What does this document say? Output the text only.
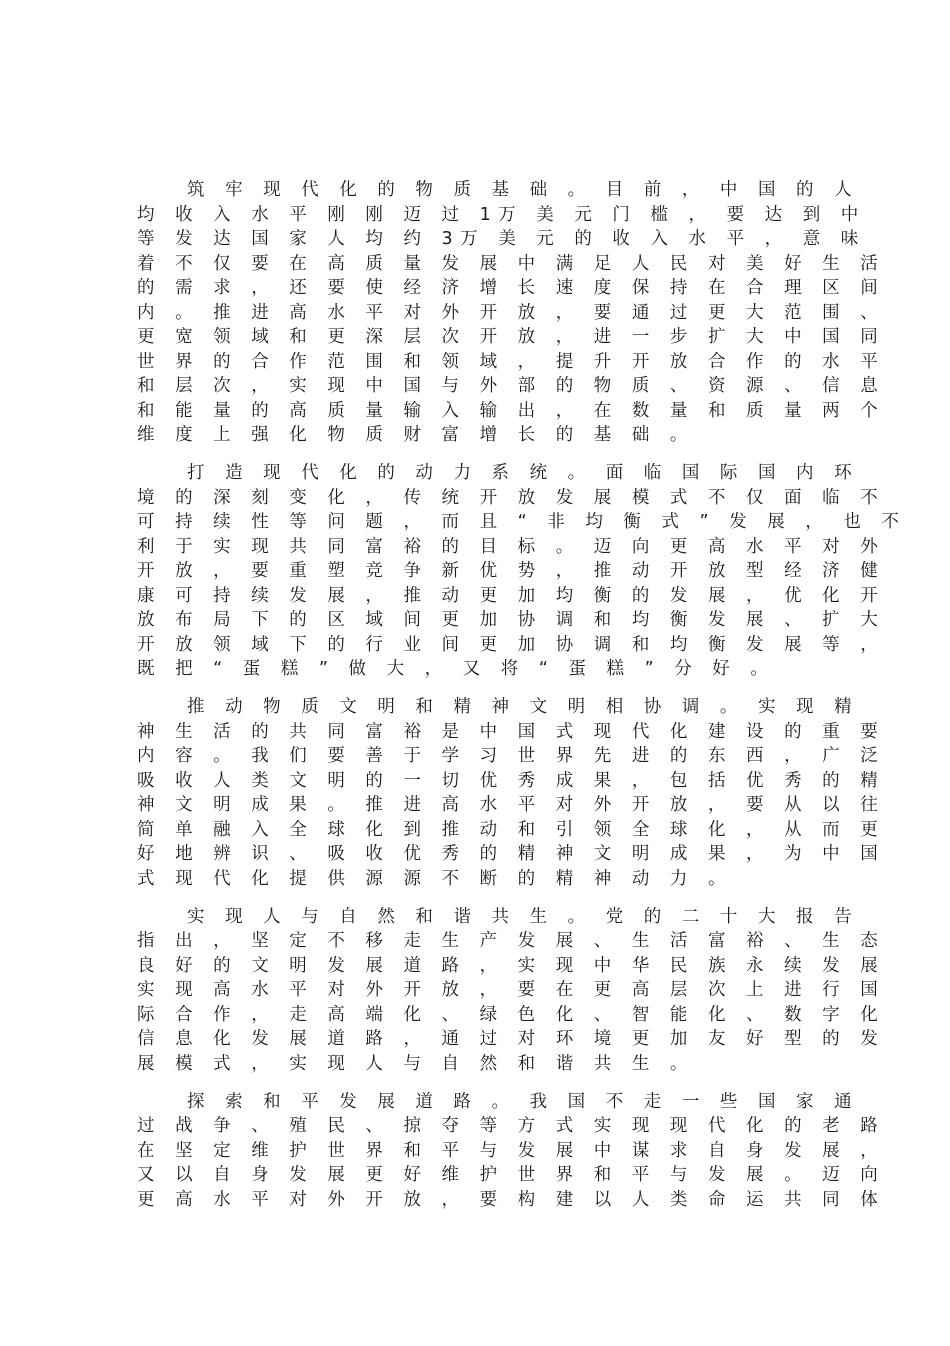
筑 牢 现 代 化 的 物 质 基 础 。 目 前 ， 中 国 的 人
均 收 入 水 平 刚 刚 迈 过 1万 美 元 门 槛 ， 要 达 到 中
等 发 达 国 家 人 均 约 3万 美 元 的 收 入 水 平 ， 意 味
着 不 仅 要 在 高 质 量 发 展 中 满 足 人 民 对 美 好 生 活
的 需 求 ， 还 要 使 经 济 增 长 速 度 保 持 在 合 理 区 间
内 。 推 进 高 水 平 对 外 开 放 ， 要 通 过 更 大 范 围 、
更 宽 领 域 和 更 深 层 次 开 放 ， 进 一 步 扩 大 中 国 同
世 界 的 合 作 范 围 和 领 域 ， 提 升 开 放 合 作 的 水 平
和 层 次 ， 实 现 中 国 与 外 部 的 物 质 、 资 源 、 信 息
和 能 量 的 高 质 量 输 入 输 出 ， 在 数 量 和 质 量 两 个
维 度 上 强 化 物 质 财 富 增 长 的 基 础 。
打 造 现 代 化 的 动 力 系 统 。 面 临 国 际 国 内 环
境 的 深 刻 变 化 ， 传 统 开 放 发 展 模 式 不 仅 面 临 不
可 持 续 性 等 问 题 ， 而 且 “ 非 均 衡 式 ” 发 展 ， 也 不
利 于 实 现 共 同 富 裕 的 目 标 。 迈 向 更 高 水 平 对 外
开 放 ， 要 重 塑 竞 争 新 优 势 ， 推 动 开 放 型 经 济 健
康 可 持 续 发 展 ， 推 动 更 加 均 衡 的 发 展 ， 优 化 开
放 布 局 下 的 区 域 间 更 加 协 调 和 均 衡 发 展 、 扩 大
开 放 领 域 下 的 行 业 间 更 加 协 调 和 均 衡 发 展 等 ，
既 把 “ 蛋 糕 ” 做 大 ， 又 将 “ 蛋 糕 ” 分 好 。
推 动 物 质 文 明 和 精 神 文 明 相 协 调 。 实 现 精
神 生 活 的 共 同 富 裕 是 中 国 式 现 代 化 建 设 的 重 要
内 容 。 我 们 要 善 于 学 习 世 界 先 进 的 东 西 ， 广 泛
吸 收 人 类 文 明 的 一 切 优 秀 成 果 ， 包 括 优 秀 的 精
神 文 明 成 果 。 推 进 高 水 平 对 外 开 放 ， 要 从 以 往
简 单 融 入 全 球 化 到 推 动 和 引 领 全 球 化 ， 从 而 更
好 地 辨 识 、 吸 收 优 秀 的 精 神 文 明 成 果 ， 为 中 国
式 现 代 化 提 供 源 源 不 断 的 精 神 动 力 。
实 现 人 与 自 然 和 谐 共 生 。 党 的 二 十 大 报 告
指 出 ， 坚 定 不 移 走 生 产 发 展 、 生 活 富 裕 、 生 态
良 好 的 文 明 发 展 道 路 ， 实 现 中 华 民 族 永 续 发 展
实 现 高 水 平 对 外 开 放 ， 要 在 更 高 层 次 上 进 行 国
际 合 作 ， 走 高 端 化 、 绿 色 化 、 智 能 化 、 数 字 化
信 息 化 发 展 道 路 ， 通 过 对 环 境 更 加 友 好 型 的 发
展 模 式 ， 实 现 人 与 自 然 和 谐 共 生 。
探 索 和 平 发 展 道 路 。 我 国 不 走 一 些 国 家 通
过 战 争 、 殖 民 、 掠 夺 等 方 式 实 现 现 代 化 的 老 路
在 坚 定 维 护 世 界 和 平 与 发 展 中 谋 求 自 身 发 展 ，
又 以 自 身 发 展 更 好 维 护 世 界 和 平 与 发 展 。 迈 向
更 高 水 平 对 外 开 放 ， 要 构 建 以 人 类 命 运 共 同 体
